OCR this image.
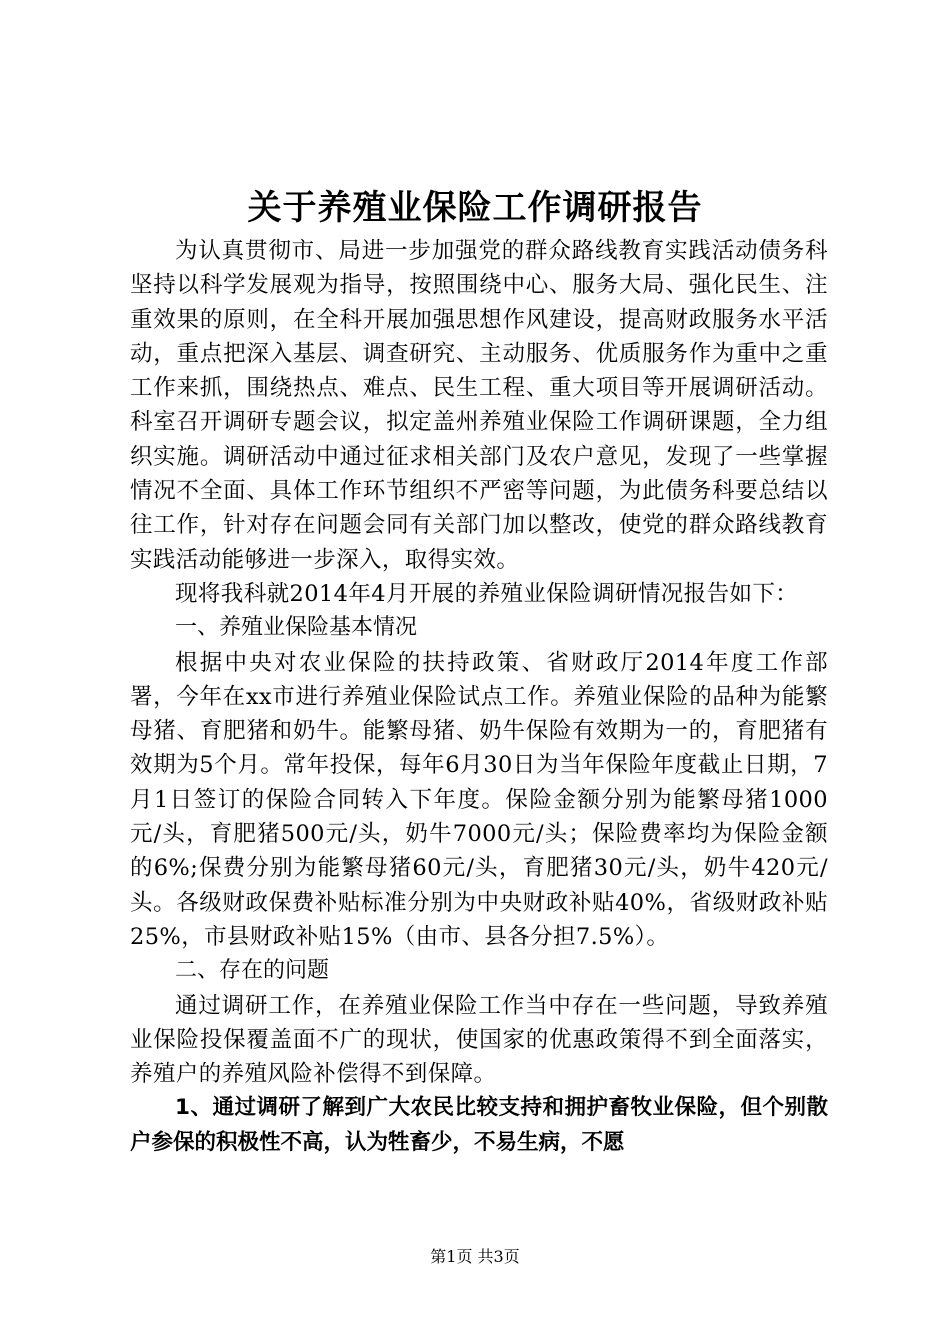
关于养殖业保险工作调研报告

为认真贯彻市、局进一步加强党的群众路线教育实践活动债务科坚持以科学发展观为指导，按照围绕中心、服务大局、强化民生、注重效果的原则，在全科开展加强思想作风建设，提高财政服务水平活动，重点把深入基层、调查研究、主动服务、优质服务作为重中之重工作来抓，围绕热点、难点、民生工程、重大项目等开展调研活动。科室召开调研专题会议，拟定盖州养殖业保险工作调研课题，全力组织实施。调研活动中通过征求相关部门及农户意见，发现了一些掌握情况不全面、具体工作环节组织不严密等问题，为此债务科要总结以往工作，针对存在问题会同有关部门加以整改，使党的群众路线教育实践活动能够进一步深入，取得实效。

现将我科就2014年4月开展的养殖业保险调研情况报告如下：

一、养殖业保险基本情况

根据中央对农业保险的扶持政策、省财政厅2014年度工作部署，今年在xx市进行养殖业保险试点工作。养殖业保险的品种为能繁母猪、育肥猪和奶牛。能繁母猪、奶牛保险有效期为一的，育肥猪有效期为5个月。常年投保，每年6月30日为当年保险年度截止日期，7月1日签订的保险合同转入下年度。保险金额分别为能繁母猪1000元/头，育肥猪500元/头，奶牛7000元/头；保险费率均为保险金额的6%;保费分别为能繁母猪60元/头，育肥猪30元/头，奶牛420元/头。各级财政保费补贴标准分别为中央财政补贴40%，省级财政补贴25%，市县财政补贴15%（由市、县各分担7.5%）。

二、存在的问题

通过调研工作，在养殖业保险工作当中存在一些问题，导致养殖业保险投保覆盖面不广的现状，使国家的优惠政策得不到全面落实，养殖户的养殖风险补偿得不到保障。

1、通过调研了解到广大农民比较支持和拥护畜牧业保险，但个别散户参保的积极性不高，认为牲畜少，不易生病，不愿

第1页 共3页
